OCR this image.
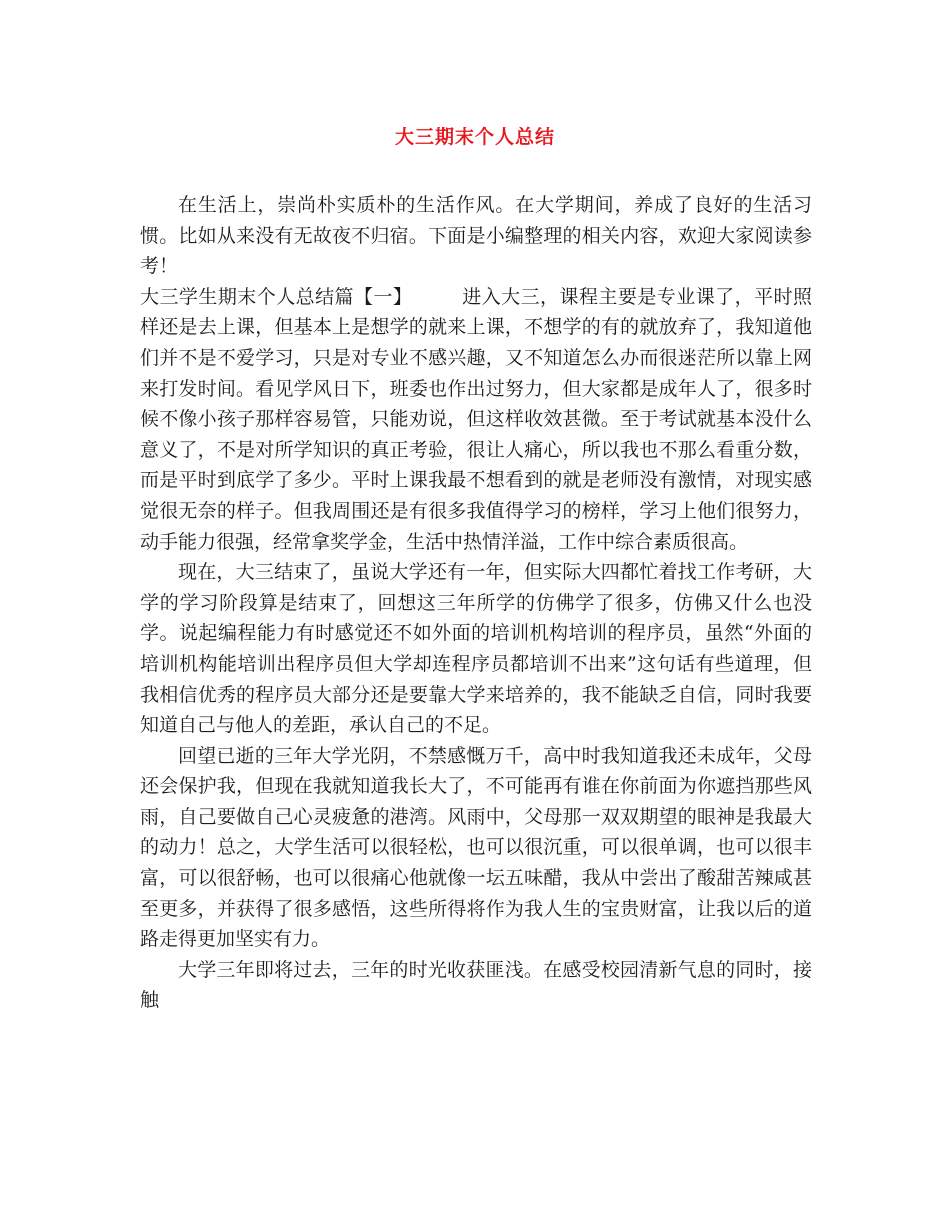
大三期末个人总结

在生活上，崇尚朴实质朴的生活作风。在大学期间，养成了良好的生活习惯。比如从来没有无故夜不归宿。下面是小编整理的相关内容，欢迎大家阅读参考！

大三学生期末个人总结篇【一】	进入大三，课程主要是专业课了，平时照样还是去上课，但基本上是想学的就来上课，不想学的有的就放弃了，我知道他们并不是不爱学习，只是对专业不感兴趣，又不知道怎么办而很迷茫所以靠上网来打发时间。看见学风日下，班委也作出过努力，但大家都是成年人了，很多时候不像小孩子那样容易管，只能劝说，但这样收效甚微。至于考试就基本没什么意义了，不是对所学知识的真正考验，很让人痛心，所以我也不那么看重分数，而是平时到底学了多少。平时上课我最不想看到的就是老师没有激情，对现实感觉很无奈的样子。但我周围还是有很多我值得学习的榜样，学习上他们很努力，动手能力很强，经常拿奖学金，生活中热情洋溢，工作中综合素质很高。

现在，大三结束了，虽说大学还有一年，但实际大四都忙着找工作考研，大学的学习阶段算是结束了，回想这三年所学的仿佛学了很多，仿佛又什么也没学。说起编程能力有时感觉还不如外面的培训机构培训的程序员，虽然“外面的培训机构能培训出程序员但大学却连程序员都培训不出来”这句话有些道理，但我相信优秀的程序员大部分还是要靠大学来培养的，我不能缺乏自信，同时我要知道自己与他人的差距，承认自己的不足。

回望已逝的三年大学光阴，不禁感慨万千，高中时我知道我还未成年，父母还会保护我，但现在我就知道我长大了，不可能再有谁在你前面为你遮挡那些风雨，自己要做自己心灵疲惫的港湾。风雨中，父母那一双双期望的眼神是我最大的动力！总之，大学生活可以很轻松，也可以很沉重，可以很单调，也可以很丰富，可以很舒畅，也可以很痛心他就像一坛五味醋，我从中尝出了酸甜苦辣咸甚至更多，并获得了很多感悟，这些所得将作为我人生的宝贵财富，让我以后的道路走得更加坚实有力。

大学三年即将过去，三年的时光收获匪浅。在感受校园清新气息的同时，接触
